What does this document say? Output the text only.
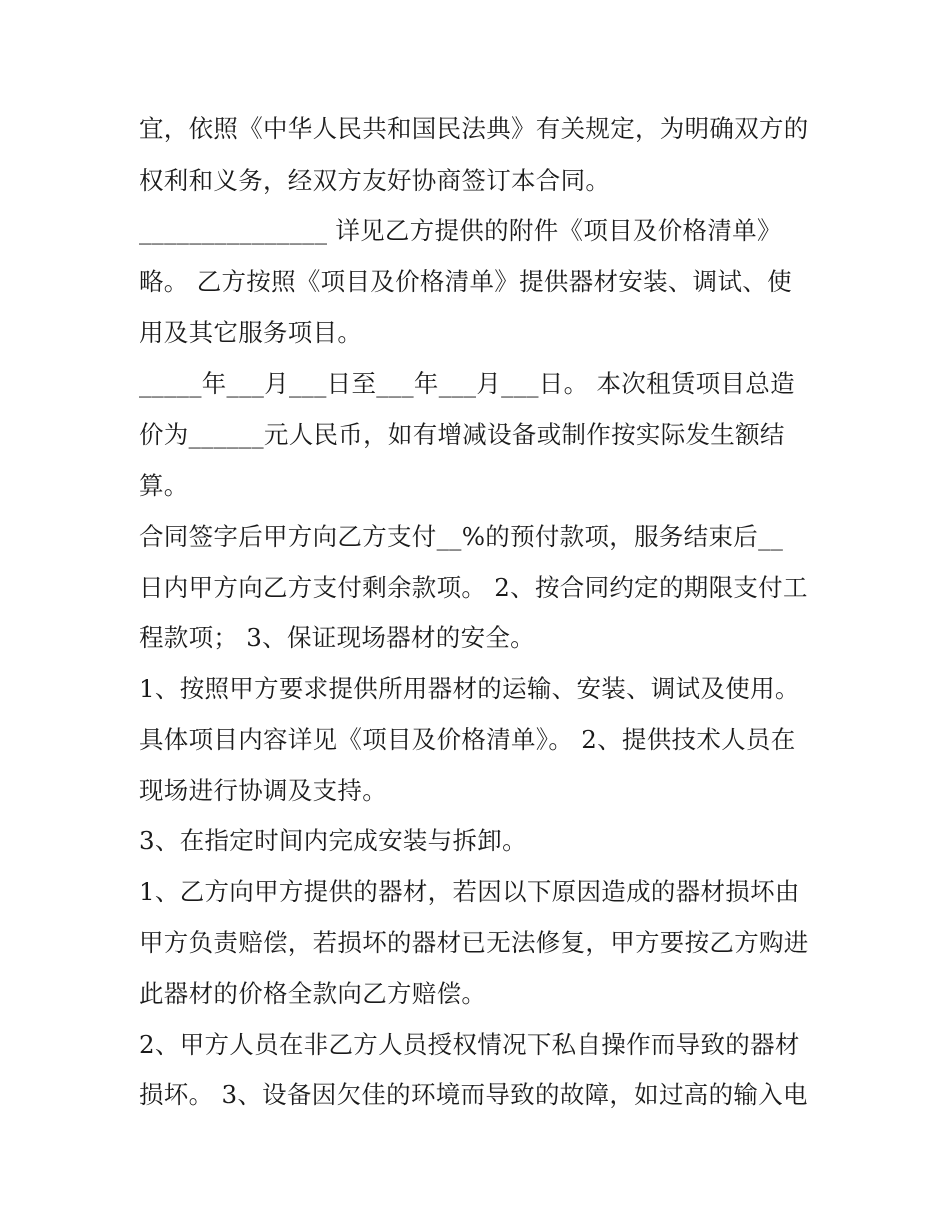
宜，依照《中华人民共和国民法典》有关规定，为明确双方的

权利和义务，经双方友好协商签订本合同。

_______________ 详见乙方提供的附件《项目及价格清单》

略。 乙方按照《项目及价格清单》提供器材安装、调试、使

用及其它服务项目。

_____年___月___日至___年___月___日。 本次租赁项目总造

价为______元人民币，如有增减设备或制作按实际发生额结

算。

合同签字后甲方向乙方支付__%的预付款项，服务结束后__

日内甲方向乙方支付剩余款项。 2、按合同约定的期限支付工

程款项； 3、保证现场器材的安全。

1、按照甲方要求提供所用器材的运输、安装、调试及使用。

具体项目内容详见《项目及价格清单》。 2、提供技术人员在

现场进行协调及支持。

3、在指定时间内完成安装与拆卸。

1、乙方向甲方提供的器材，若因以下原因造成的器材损坏由

甲方负责赔偿，若损坏的器材已无法修复，甲方要按乙方购进

此器材的价格全款向乙方赔偿。

2、甲方人员在非乙方人员授权情况下私自操作而导致的器材

损坏。 3、设备因欠佳的环境而导致的故障，如过高的输入电
